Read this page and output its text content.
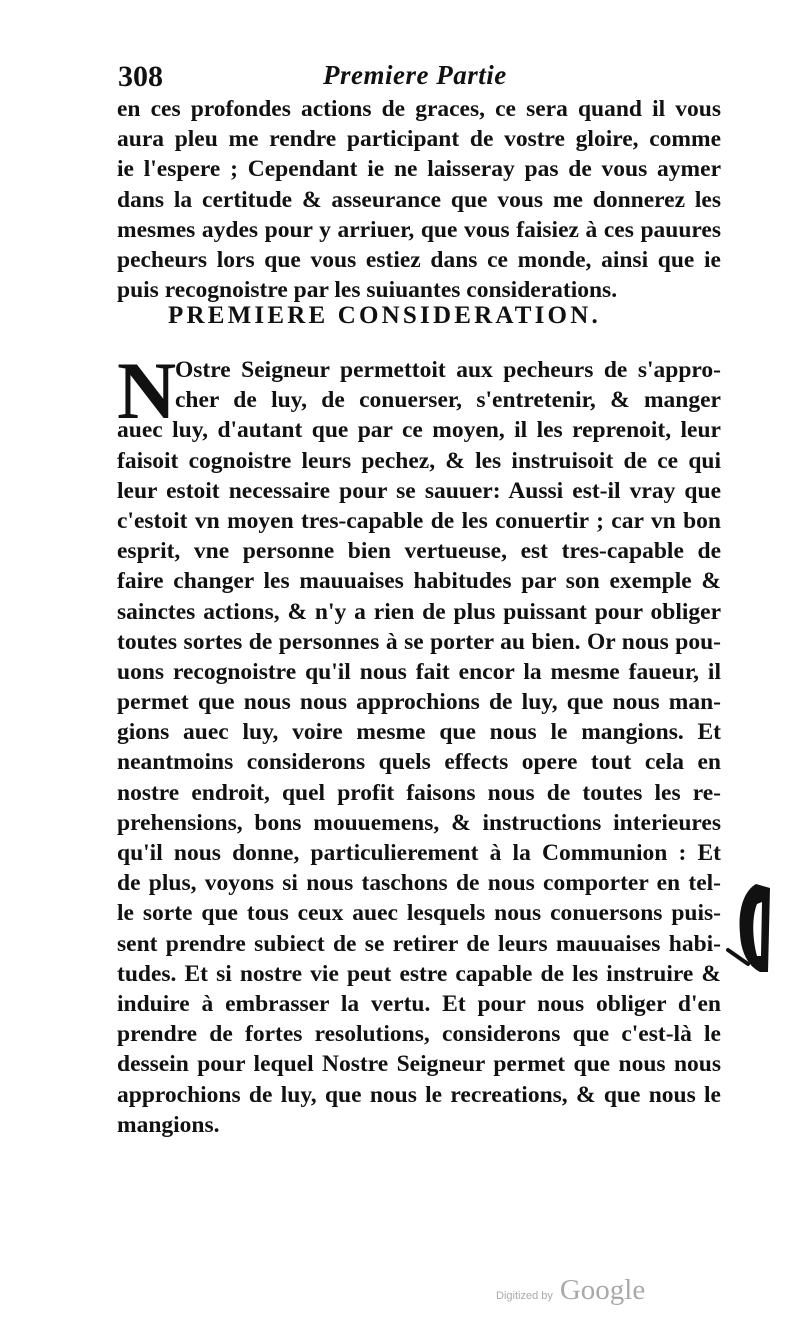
308	Premiere Partie
en ces profondes actions de graces, ce sera quand il vous
aura pleu me rendre participant de vostre gloire, comme
ie l'espere ; Cependant ie ne laisseray pas de vous aymer
dans la certitude & asseurance que vous me donnerez les
mesmes aydes pour y arriuer, que vous faisiez à ces pauures
pecheurs lors que vous estiez dans ce monde, ainsi que ie
puis recognoistre par les suiuantes considerations.
PREMIERE CONSIDERATION.
N
Ostre Seigneur permettoit aux pecheurs de s'appro-
cher de luy, de conuerser, s'entretenir, & manger
auec luy, d'autant que par ce moyen, il les reprenoit, leur
faisoit cognoistre leurs pechez, & les instruisoit de ce qui
leur estoit necessaire pour se sauuer: Aussi est-il vray que
c'estoit vn moyen tres-capable de les conuertir ; car vn bon
esprit, vne personne bien vertueuse, est tres-capable de
faire changer les mauuaises habitudes par son exemple &
sainctes actions, & n'y a rien de plus puissant pour obliger
toutes sortes de personnes à se porter au bien. Or nous pou-
uons recognoistre qu'il nous fait encor la mesme faueur, il
permet que nous nous approchions de luy, que nous man-
gions auec luy, voire mesme que nous le mangions. Et
neantmoins considerons quels effects opere tout cela en
nostre endroit, quel profit faisons nous de toutes les re-
prehensions, bons mouuemens, & instructions interieures
qu'il nous donne, particulierement à la Communion : Et
de plus, voyons si nous taschons de nous comporter en tel-
le sorte que tous ceux auec lesquels nous conuersons puis-
sent prendre subiect de se retirer de leurs mauuaises habi-
tudes. Et si nostre vie peut estre capable de les instruire &
induire à embrasser la vertu. Et pour nous obliger d'en
prendre de fortes resolutions, considerons que c'est-là le
dessein pour lequel Nostre Seigneur permet que nous nous
approchions de luy, que nous le recreations, & que nous le
mangions.
Digitized by Google
